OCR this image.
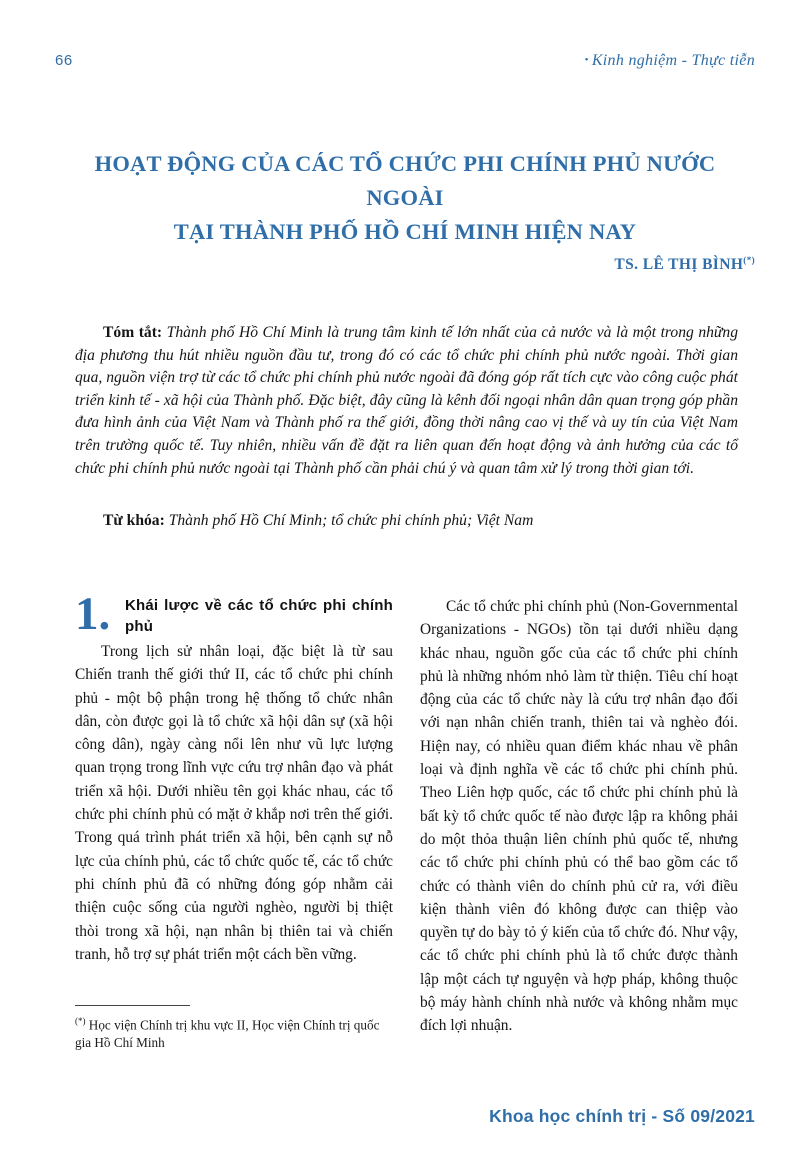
66	• Kinh nghiệm - Thực tiễn
HOẠT ĐỘNG CỦA CÁC TỔ CHỨC PHI CHÍNH PHỦ NƯỚC NGOÀI
TẠI THÀNH PHỐ HỒ CHÍ MINH HIỆN NAY
TS. LÊ THỊ BÌNH(*)
Tóm tắt: Thành phố Hồ Chí Minh là trung tâm kinh tế lớn nhất của cả nước và là một trong những địa phương thu hút nhiều nguồn đầu tư, trong đó có các tổ chức phi chính phủ nước ngoài. Thời gian qua, nguồn viện trợ từ các tổ chức phi chính phủ nước ngoài đã đóng góp rất tích cực vào công cuộc phát triển kinh tế - xã hội của Thành phố. Đặc biệt, đây cũng là kênh đối ngoại nhân dân quan trọng góp phần đưa hình ảnh của Việt Nam và Thành phố ra thế giới, đồng thời nâng cao vị thế và uy tín của Việt Nam trên trường quốc tế. Tuy nhiên, nhiều vấn đề đặt ra liên quan đến hoạt động và ảnh hưởng của các tổ chức phi chính phủ nước ngoài tại Thành phố cần phải chú ý và quan tâm xử lý trong thời gian tới.
Từ khóa: Thành phố Hồ Chí Minh; tổ chức phi chính phủ; Việt Nam
1. Khái lược về các tổ chức phi chính phủ

Trong lịch sử nhân loại, đặc biệt là từ sau Chiến tranh thế giới thứ II, các tổ chức phi chính phủ - một bộ phận trong hệ thống tổ chức nhân dân, còn được gọi là tổ chức xã hội dân sự (xã hội công dân), ngày càng nổi lên như vũ lực lượng quan trọng trong lĩnh vực cứu trợ nhân đạo và phát triển xã hội. Dưới nhiều tên gọi khác nhau, các tổ chức phi chính phủ có mặt ở khắp nơi trên thế giới. Trong quá trình phát triển xã hội, bên cạnh sự nỗ lực của chính phủ, các tổ chức quốc tế, các tổ chức phi chính phủ đã có những đóng góp nhằm cải thiện cuộc sống của người nghèo, người bị thiệt thòi trong xã hội, nạn nhân bị thiên tai và chiến tranh, hỗ trợ sự phát triển một cách bền vững.

Các tổ chức phi chính phủ (Non-Governmental Organizations - NGOs) tồn tại dưới nhiều dạng khác nhau, nguồn gốc của các tổ chức phi chính phủ là những nhóm nhỏ làm từ thiện. Tiêu chí hoạt động của các tổ chức này là cứu trợ nhân đạo đối với nạn nhân chiến tranh, thiên tai và nghèo đói. Hiện nay, có nhiều quan điểm khác nhau về phân loại và định nghĩa về các tổ chức phi chính phủ. Theo Liên hợp quốc, các tổ chức phi chính phủ là bất kỳ tổ chức quốc tế nào được lập ra không phải do một thỏa thuận liên chính phủ quốc tế, nhưng các tổ chức phi chính phủ có thể bao gồm các tổ chức có thành viên do chính phủ cử ra, với điều kiện thành viên đó không được can thiệp vào quyền tự do bày tỏ ý kiến của tổ chức đó. Như vậy, các tổ chức phi chính phủ là tổ chức được thành lập một cách tự nguyện và hợp pháp, không thuộc bộ máy hành chính nhà nước và không nhằm mục đích lợi nhuận.

(*) Học viện Chính trị khu vực II, Học viện Chính trị quốc gia Hồ Chí Minh
Khoa học chính trị - Số 09/2021
